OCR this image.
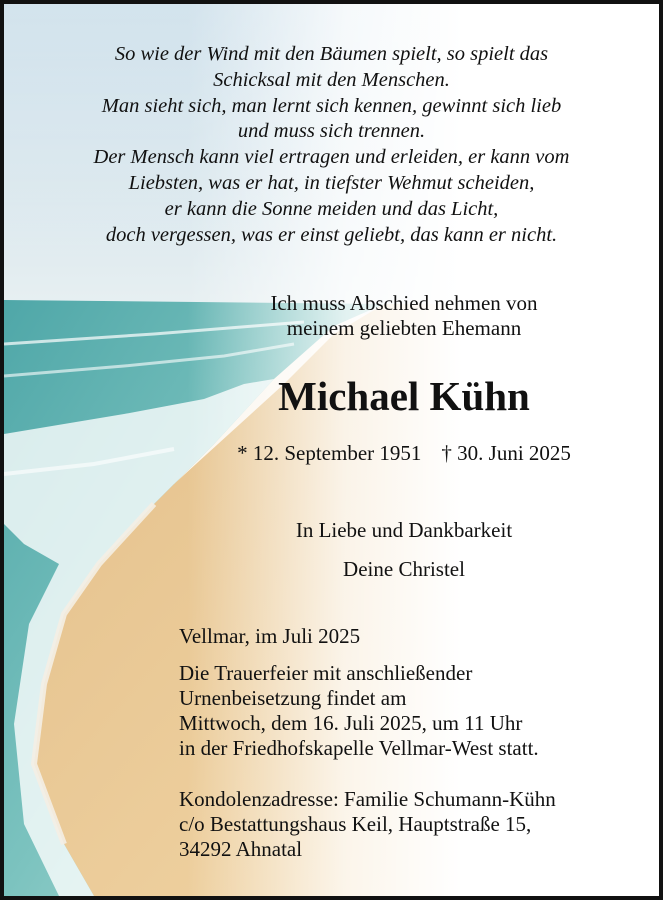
So wie der Wind mit den Bäumen spielt, so spielt das
Schicksal mit den Menschen.
Man sieht sich, man lernt sich kennen, gewinnt sich lieb
und muss sich trennen.
Der Mensch kann viel ertragen und erleiden, er kann vom
Liebsten, was er hat, in tiefster Wehmut scheiden,
er kann die Sonne meiden und das Licht,
doch vergessen, was er einst geliebt, das kann er nicht.
Ich muss Abschied nehmen von
meinem geliebten Ehemann
Michael Kühn
* 12. September 1951 † 30. Juni 2025
In Liebe und Dankbarkeit
Deine Christel
Vellmar, im Juli 2025
Die Trauerfeier mit anschließender
Urnenbeisetzung findet am
Mittwoch, dem 16. Juli 2025, um 11 Uhr
in der Friedhofskapelle Vellmar-West statt.
Kondolenzadresse: Familie Schumann-Kühn
c/o Bestattungshaus Keil, Hauptstraße 15,
34292 Ahnatal
